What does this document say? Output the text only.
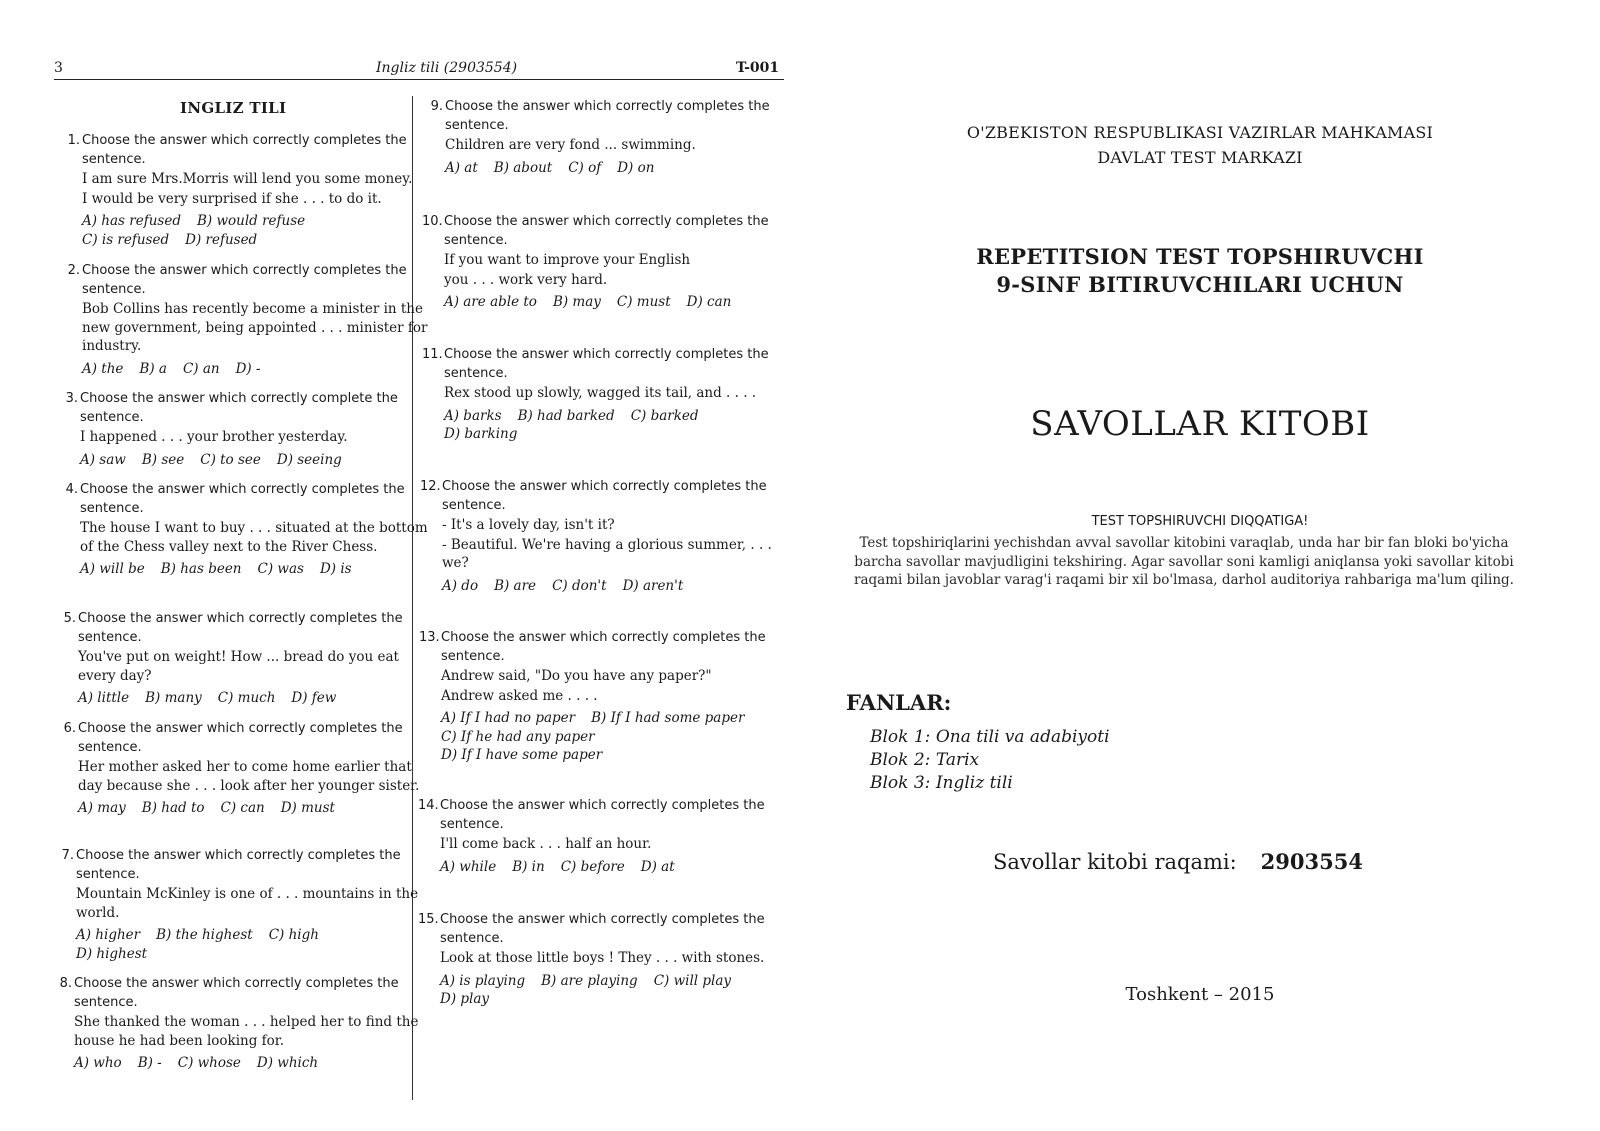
3	Ingliz tili (2903554)	T-001
INGLIZ TILI
1. Choose the answer which correctly completes the sentence.
I am sure Mrs.Morris will lend you some money.
I would be very surprised if she . . . to do it.
A) has refused B) would refuse
C) is refused D) refused
2. Choose the answer which correctly completes the sentence.
Bob Collins has recently become a minister in the new government, being appointed . . . minister for industry.
A) the B) a C) an D) -
3. Choose the answer which correctly complete the sentence.
I happened . . . your brother yesterday.
A) saw B) see C) to see D) seeing
4. Choose the answer which correctly completes the sentence.
The house I want to buy . . . situated at the bottom of the Chess valley next to the River Chess.
A) will be B) has been C) was D) is
5. Choose the answer which correctly completes the sentence.
You've put on weight! How ... bread do you eat every day?
A) little B) many C) much D) few
6. Choose the answer which correctly completes the sentence.
Her mother asked her to come home earlier that day because she . . . look after her younger sister.
A) may B) had to C) can D) must
7. Choose the answer which correctly completes the sentence.
Mountain McKinley is one of . . . mountains in the world.
A) higher B) the highest C) high
D) highest
8. Choose the answer which correctly completes the sentence.
She thanked the woman . . . helped her to find the house he had been looking for.
A) who B) - C) whose D) which
9. Choose the answer which correctly completes the sentence.
Children are very fond ... swimming.
A) at B) about C) of D) on
10. Choose the answer which correctly completes the sentence.
If you want to improve your English
you . . . work very hard.
A) are able to B) may C) must D) can
11. Choose the answer which correctly completes the sentence.
Rex stood up slowly, wagged its tail, and . . . .
A) barks B) had barked C) barked
D) barking
12. Choose the answer which correctly completes the sentence.
- It's a lovely day, isn't it?
- Beautiful. We're having a glorious summer, . . . we?
A) do B) are C) don't D) aren't
13. Choose the answer which correctly completes the sentence.
Andrew said, "Do you have any paper?"
Andrew asked me . . . .
A) If I had no paper B) If I had some paper
C) If he had any paper
D) If I have some paper
14. Choose the answer which correctly completes the sentence.
I'll come back . . . half an hour.
A) while B) in C) before D) at
15. Choose the answer which correctly completes the sentence.
Look at those little boys ! They . . . with stones.
A) is playing B) are playing C) will play
D) play
O'ZBEKISTON RESPUBLIKASI VAZIRLAR MAHKAMASI
DAVLAT TEST MARKAZI
REPETITSION TEST TOPSHIRUVCHI
9-SINF BITIRUVCHILARI UCHUN
SAVOLLAR KITOBI
TEST TOPSHIRUVCHI DIQQATIGA!
Test topshiriqlarini yechishdan avval savollar kitobini varaqlab, unda har bir fan bloki bo'yicha barcha savollar mavjudligini tekshiring. Agar savollar soni kamligi aniqlansa yoki savollar kitobi raqami bilan javoblar varag'i raqami bir xil bo'lmasa, darhol auditoriya rahbariga ma'lum qiling.
FANLAR:
Blok 1: Ona tili va adabiyoti
Blok 2: Tarix
Blok 3: Ingliz tili
Savollar kitobi raqami: 2903554
Toshkent – 2015
